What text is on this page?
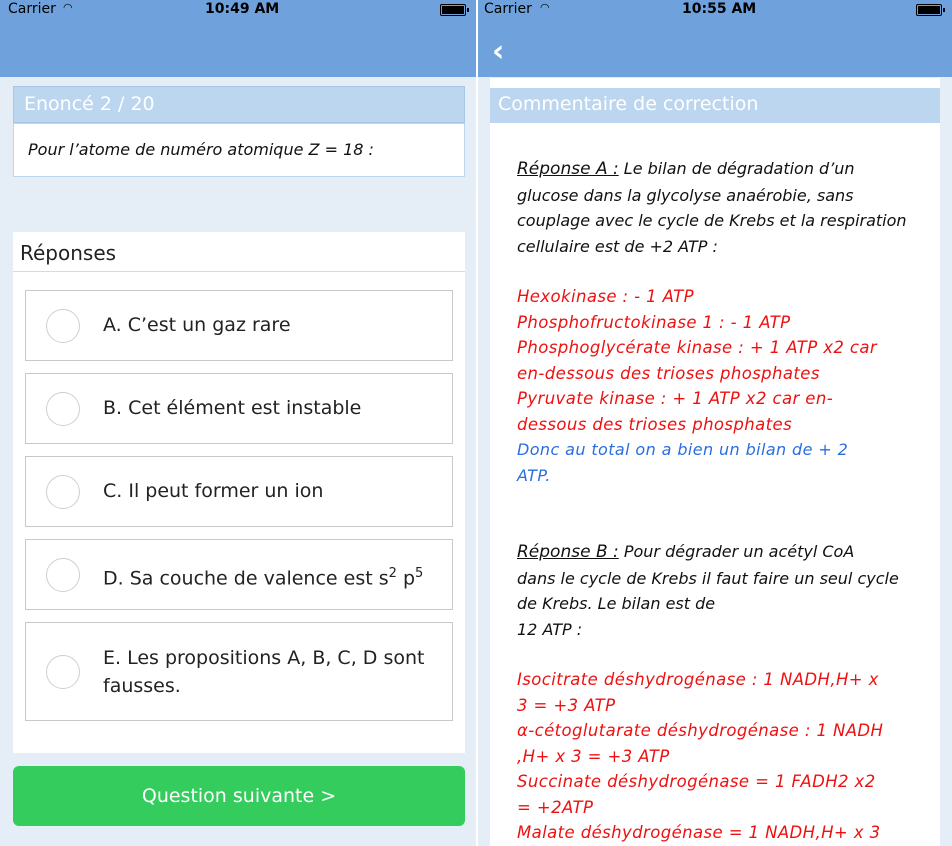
Carrier ◠	10:49 AM
Enoncé 2 / 20
Pour l’atome de numéro atomique Z = 18 :
Réponses
A. C’est un gaz rare
B. Cet élément est instable
C. Il peut former un ion
D. Sa couche de valence est $s^2$ $p^5$
E. Les propositions A, B, C, D sont
fausses.
Question suivante >
Carrier ◠	10:55 AM
‹
Commentaire de correction
Réponse A : Le bilan de dégradation d’un
glucose dans la glycolyse anaérobie, sans
couplage avec le cycle de Krebs et la respiration
cellulaire est de +2 ATP :
Hexokinase : - 1 ATP
Phosphofructokinase 1 : - 1 ATP
Phosphoglycérate kinase : + 1 ATP x2 car
en-dessous des trioses phosphates
Pyruvate kinase : + 1 ATP x2 car en-
dessous des trioses phosphates
Donc au total on a bien un bilan de + 2
ATP.
Réponse B : Pour dégrader un acétyl CoA
dans le cycle de Krebs il faut faire un seul cycle
de Krebs. Le bilan est de
12 ATP :
Isocitrate déshydrogénase : 1 NADH,H+ x
3 = +3 ATP
α-cétoglutarate déshydrogénase : 1 NADH
,H+ x 3 = +3 ATP
Succinate déshydrogénase = 1 FADH2 x2
= +2ATP
Malate déshydrogénase = 1 NADH,H+ x 3
